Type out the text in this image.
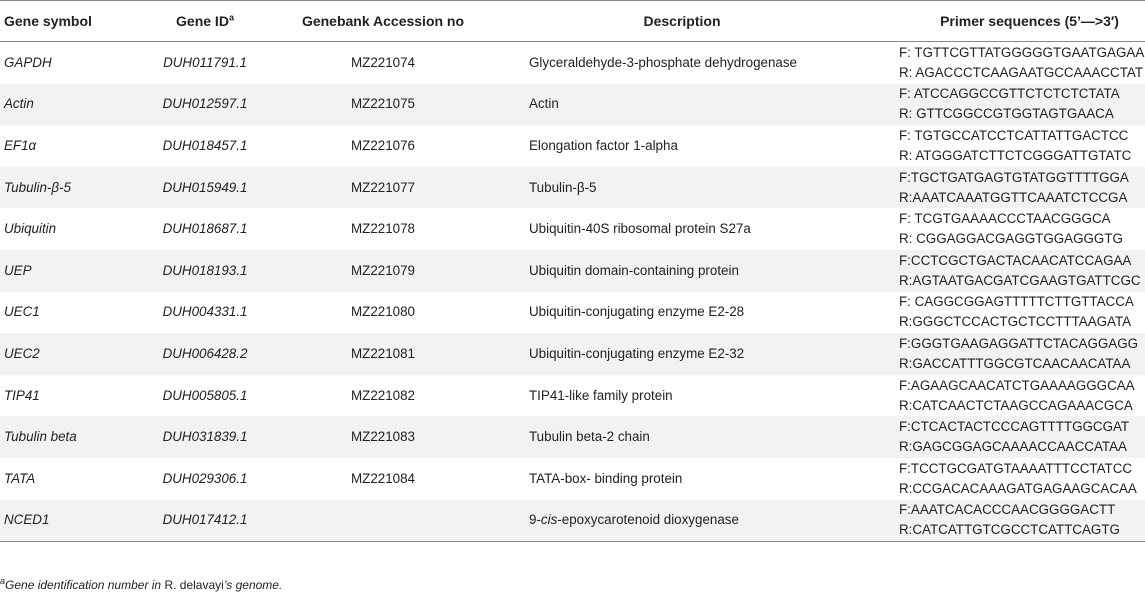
Gene symbol	Gene $ID^a$	Genebank Accession no	Description	Primer sequences (5’—>3′)
GAPDH	DUH011791.1	MZ221074	Glyceraldehyde-3-phosphate dehydrogenase	F: TGTTCGTTATGGGGGTGAATGAGAA
R: AGACCCTCAAGAATGCCAAACCTAT

Actin	DUH012597.1	MZ221075	Actin	F: ATCCAGGCCGTTCTCTCTCTATA
R: GTTCGGCCGTGGTAGTGAACA

EF1α	DUH018457.1	MZ221076	Elongation factor 1-alpha	F: TGTGCCATCCTCATTATTGACTCC
R: ATGGGATCTTCTCGGGATTGTATC

Tubulin-β-5	DUH015949.1	MZ221077	Tubulin-β-5	F:TGCTGATGAGTGTATGGTTTTGGA
R:AAATCAAATGGTTCAAATCTCCGA

Ubiquitin	DUH018687.1	MZ221078	Ubiquitin-40S ribosomal protein S27a	F: TCGTGAAAACCCTAACGGGCA
R: CGGAGGACGAGGTGGAGGGTG

UEP	DUH018193.1	MZ221079	Ubiquitin domain-containing protein	F:CCTCGCTGACTACAACATCCAGAA
R:AGTAATGACGATCGAAGTGATTCGC

UEC1	DUH004331.1	MZ221080	Ubiquitin-conjugating enzyme E2-28	F: CAGGCGGAGTTTTTCTTGTTACCA
R:GGGCTCCACTGCTCCTTTAAGATA

UEC2	DUH006428.2	MZ221081	Ubiquitin-conjugating enzyme E2-32	F:GGGTGAAGAGGATTCTACAGGAGG
R:GACCATTTGGCGTCAACAACATAA

TIP41	DUH005805.1	MZ221082	TIP41-like family protein	F:AGAAGCAACATCTGAAAAGGGCAA
R:CATCAACTCTAAGCCAGAAACGCA

Tubulin beta	DUH031839.1	MZ221083	Tubulin beta-2 chain	F:CTCACTACTCCCAGTTTTGGCGAT
R:GAGCGGAGCAAAACCAACCATAA

TATA	DUH029306.1	MZ221084	TATA-box- binding protein	F:TCCTGCGATGTAAAATTTCCTATCC
R:CCGACACAAAGATGAGAAGCACAA

NCED1	DUH017412.1		9-cis-epoxycarotenoid dioxygenase	F:AAATCACACCCAACGGGGACTT
R:CATCATTGTCGCCTCATTCAGTG
$^a$Gene identification number in R. delavayi’s genome.
